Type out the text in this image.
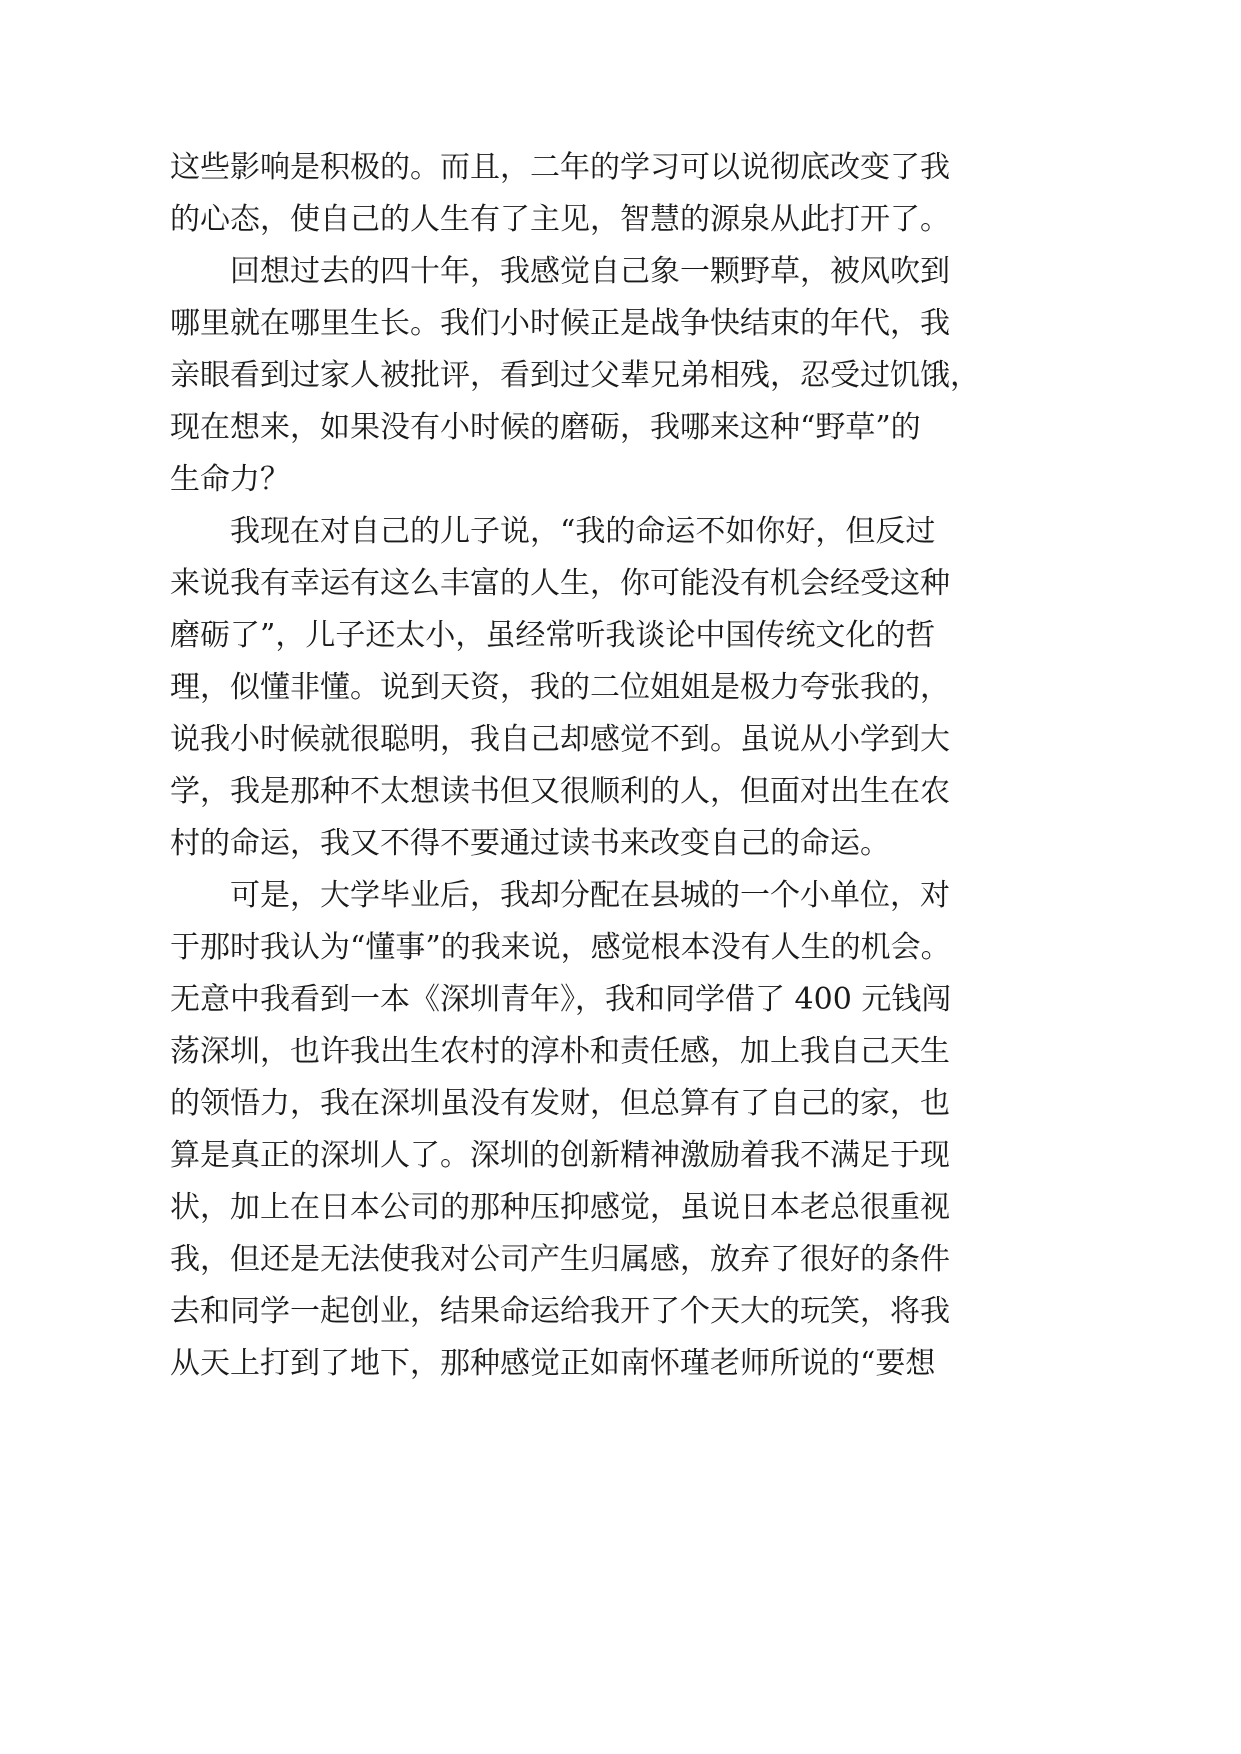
这些影响是积极的。而且，二年的学习可以说彻底改变了我
的心态，使自己的人生有了主见，智慧的源泉从此打开了。
回想过去的四十年，我感觉自己象一颗野草，被风吹到
哪里就在哪里生长。我们小时候正是战争快结束的年代，我
亲眼看到过家人被批评，看到过父辈兄弟相残，忍受过饥饿，
现在想来，如果没有小时候的磨砺，我哪来这种“野草”的
生命力？
我现在对自己的儿子说，“我的命运不如你好，但反过
来说我有幸运有这么丰富的人生，你可能没有机会经受这种
磨砺了”，儿子还太小，虽经常听我谈论中国传统文化的哲
理，似懂非懂。说到天资，我的二位姐姐是极力夸张我的，
说我小时候就很聪明，我自己却感觉不到。虽说从小学到大
学，我是那种不太想读书但又很顺利的人，但面对出生在农
村的命运，我又不得不要通过读书来改变自己的命运。
可是，大学毕业后，我却分配在县城的一个小单位，对
于那时我认为“懂事”的我来说，感觉根本没有人生的机会。
无意中我看到一本《深圳青年》，我和同学借了 400 元钱闯
荡深圳，也许我出生农村的淳朴和责任感，加上我自己天生
的领悟力，我在深圳虽没有发财，但总算有了自己的家，也
算是真正的深圳人了。深圳的创新精神激励着我不满足于现
状，加上在日本公司的那种压抑感觉，虽说日本老总很重视
我，但还是无法使我对公司产生归属感，放弃了很好的条件
去和同学一起创业，结果命运给我开了个天大的玩笑，将我
从天上打到了地下，那种感觉正如南怀瑾老师所说的“要想
